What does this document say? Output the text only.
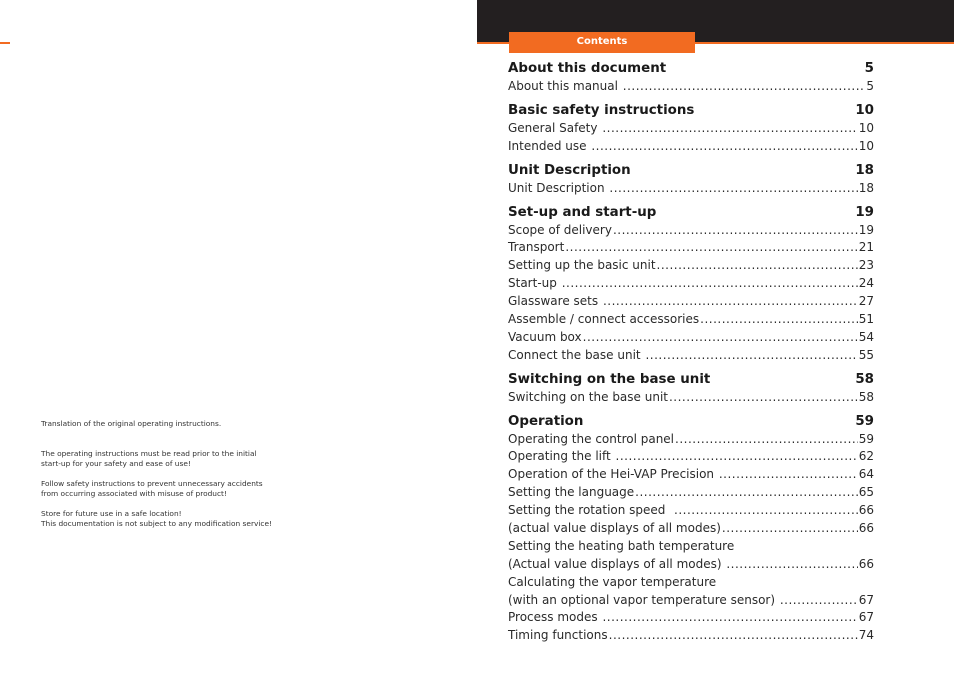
Translation of the original operating instructions.

The operating instructions must be read prior to the initial

start-up for your safety and ease of use!

Follow safety instructions to prevent unnecessary accidents

from occurring associated with misuse of product!

Store for future use in a safe location!

This documentation is not subject to any modification service!

Contents
About this document	5
About this manual .....	5
Basic safety instructions	10
General Safety .....	10
Intended use .....	10
Unit Description	18
Unit Description .....	18
Set-up and start-up	19
Scope of delivery .....	19
Transport .....	21
Setting up the basic unit .....	23
Start-up .....	24
Glassware sets .....	27
Assemble / connect accessories .....	51
Vacuum box .....	54
Connect the base unit .....	55
Switching on the base unit	58
Switching on the base unit .....	58
Operation	59
Operating the control panel .....	59
Operating the lift .....	62
Operation of the Hei-VAP Precision .....	64
Setting the language .....	65
Setting the rotation speed .....	66
(actual value displays of all modes) .....	66
Setting the heating bath temperature
(Actual value displays of all modes) .....	66
Calculating the vapor temperature
(with an optional vapor temperature sensor) .....	67
Process modes .....	67
Timing functions .....	74
